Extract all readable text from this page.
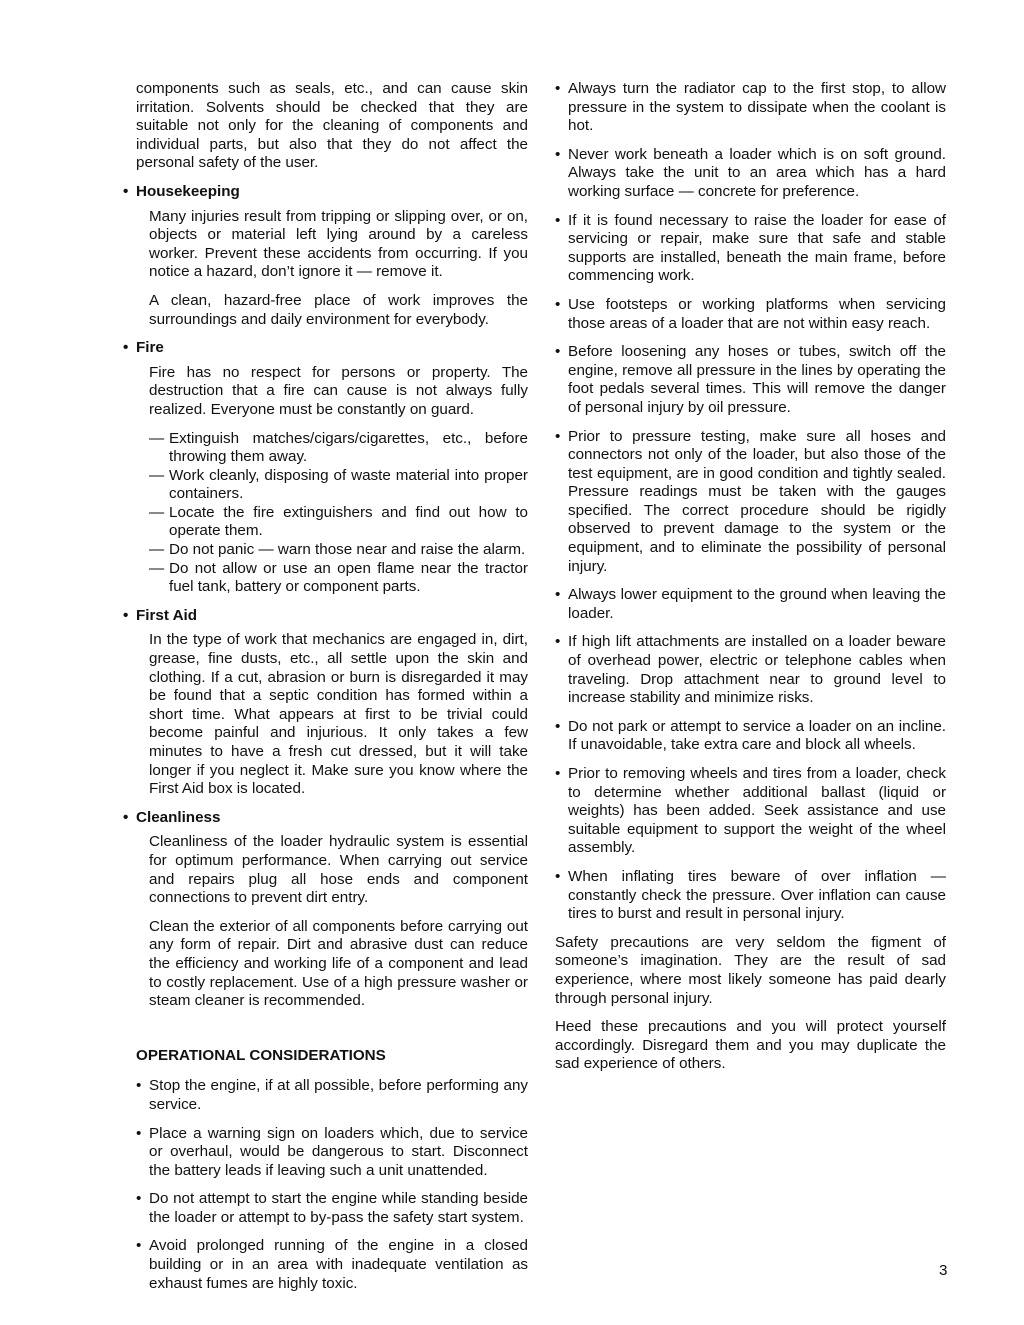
components such as seals, etc., and can cause skin irritation. Solvents should be checked that they are suitable not only for the cleaning of components and individual parts, but also that they do not affect the personal safety of the user.

• Housekeeping

Many injuries result from tripping or slipping over, or on, objects or material left lying around by a careless worker. Prevent these accidents from occurring. If you notice a hazard, don’t ignore it — remove it.

A clean, hazard-free place of work improves the surroundings and daily environment for everybody.

• Fire

Fire has no respect for persons or property. The destruction that a fire can cause is not always fully realized. Everyone must be constantly on guard.

— Extinguish matches/cigars/cigarettes, etc., before throwing them away.
— Work cleanly, disposing of waste material into proper containers.
— Locate the fire extinguishers and find out how to operate them.
— Do not panic — warn those near and raise the alarm.
— Do not allow or use an open flame near the tractor fuel tank, battery or component parts.
• First Aid

In the type of work that mechanics are engaged in, dirt, grease, fine dusts, etc., all settle upon the skin and clothing. If a cut, abrasion or burn is disregarded it may be found that a septic condition has formed within a short time. What appears at first to be trivial could become painful and injurious. It only takes a few minutes to have a fresh cut dressed, but it will take longer if you neglect it. Make sure you know where the First Aid box is located.

• Cleanliness

Cleanliness of the loader hydraulic system is essential for optimum performance. When carrying out service and repairs plug all hose ends and component connections to prevent dirt entry.

Clean the exterior of all components before carrying out any form of repair. Dirt and abrasive dust can reduce the efficiency and working life of a component and lead to costly replacement. Use of a high pressure washer or steam cleaner is recommended.

OPERATIONAL CONSIDERATIONS
• Stop the engine, if at all possible, before performing any service.
• Place a warning sign on loaders which, due to service or overhaul, would be dangerous to start. Disconnect the battery leads if leaving such a unit unattended.
• Do not attempt to start the engine while standing beside the loader or attempt to by-pass the safety start system.
• Avoid prolonged running of the engine in a closed building or in an area with inadequate ventilation as exhaust fumes are highly toxic.
• Always turn the radiator cap to the first stop, to allow pressure in the system to dissipate when the coolant is hot.
• Never work beneath a loader which is on soft ground. Always take the unit to an area which has a hard working surface — concrete for preference.
• If it is found necessary to raise the loader for ease of servicing or repair, make sure that safe and stable supports are installed, beneath the main frame, before commencing work.
• Use footsteps or working platforms when servicing those areas of a loader that are not within easy reach.
• Before loosening any hoses or tubes, switch off the engine, remove all pressure in the lines by operating the foot pedals several times. This will remove the danger of personal injury by oil pressure.
• Prior to pressure testing, make sure all hoses and connectors not only of the loader, but also those of the test equipment, are in good condition and tightly sealed. Pressure readings must be taken with the gauges specified. The correct procedure should be rigidly observed to prevent damage to the system or the equipment, and to eliminate the possibility of personal injury.
• Always lower equipment to the ground when leaving the loader.
• If high lift attachments are installed on a loader beware of overhead power, electric or telephone cables when traveling. Drop attachment near to ground level to increase stability and minimize risks.
• Do not park or attempt to service a loader on an incline. If unavoidable, take extra care and block all wheels.
• Prior to removing wheels and tires from a loader, check to determine whether additional ballast (liquid or weights) has been added. Seek assistance and use suitable equipment to support the weight of the wheel assembly.
• When inflating tires beware of over inflation — constantly check the pressure. Over inflation can cause tires to burst and result in personal injury.

Safety precautions are very seldom the figment of someone’s imagination. They are the result of sad experience, where most likely someone has paid dearly through personal injury.

Heed these precautions and you will protect yourself accordingly. Disregard them and you may duplicate the sad experience of others.

3
